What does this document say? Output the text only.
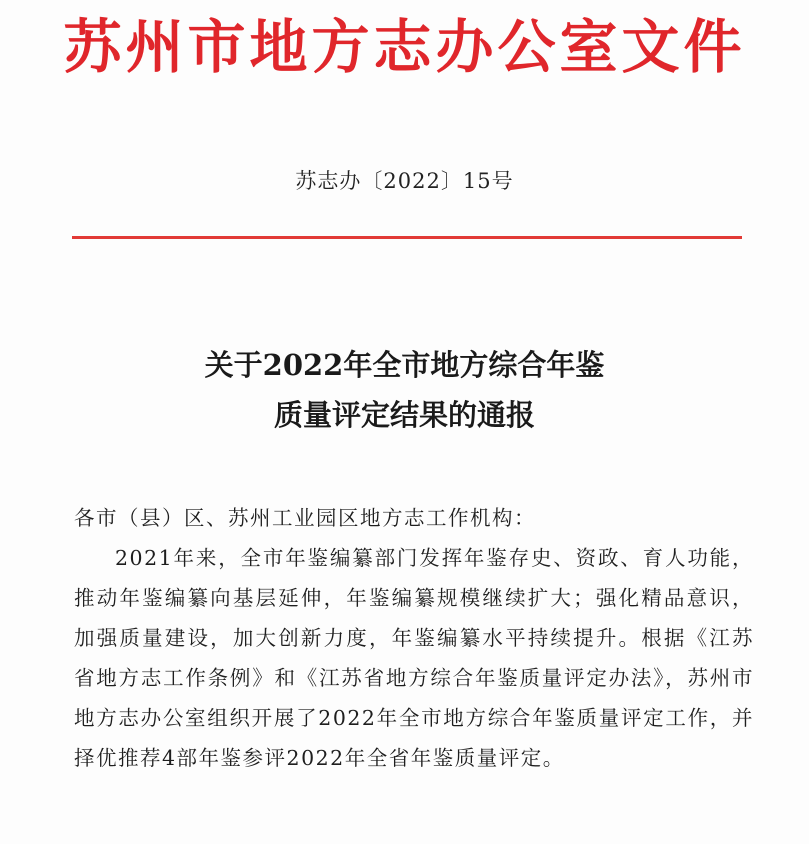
苏州市地方志办公室文件
苏志办〔2022〕15号
关于2022年全市地方综合年鉴
质量评定结果的通报

各市（县）区、苏州工业园区地方志工作机构：

2021年来，全市年鉴编纂部门发挥年鉴存史、资政、育人功能，推动年鉴编纂向基层延伸，年鉴编纂规模继续扩大；强化精品意识，加强质量建设，加大创新力度，年鉴编纂水平持续提升。根据《江苏省地方志工作条例》和《江苏省地方综合年鉴质量评定办法》，苏州市地方志办公室组织开展了2022年全市地方综合年鉴质量评定工作，并择优推荐4部年鉴参评2022年全省年鉴质量评定。
